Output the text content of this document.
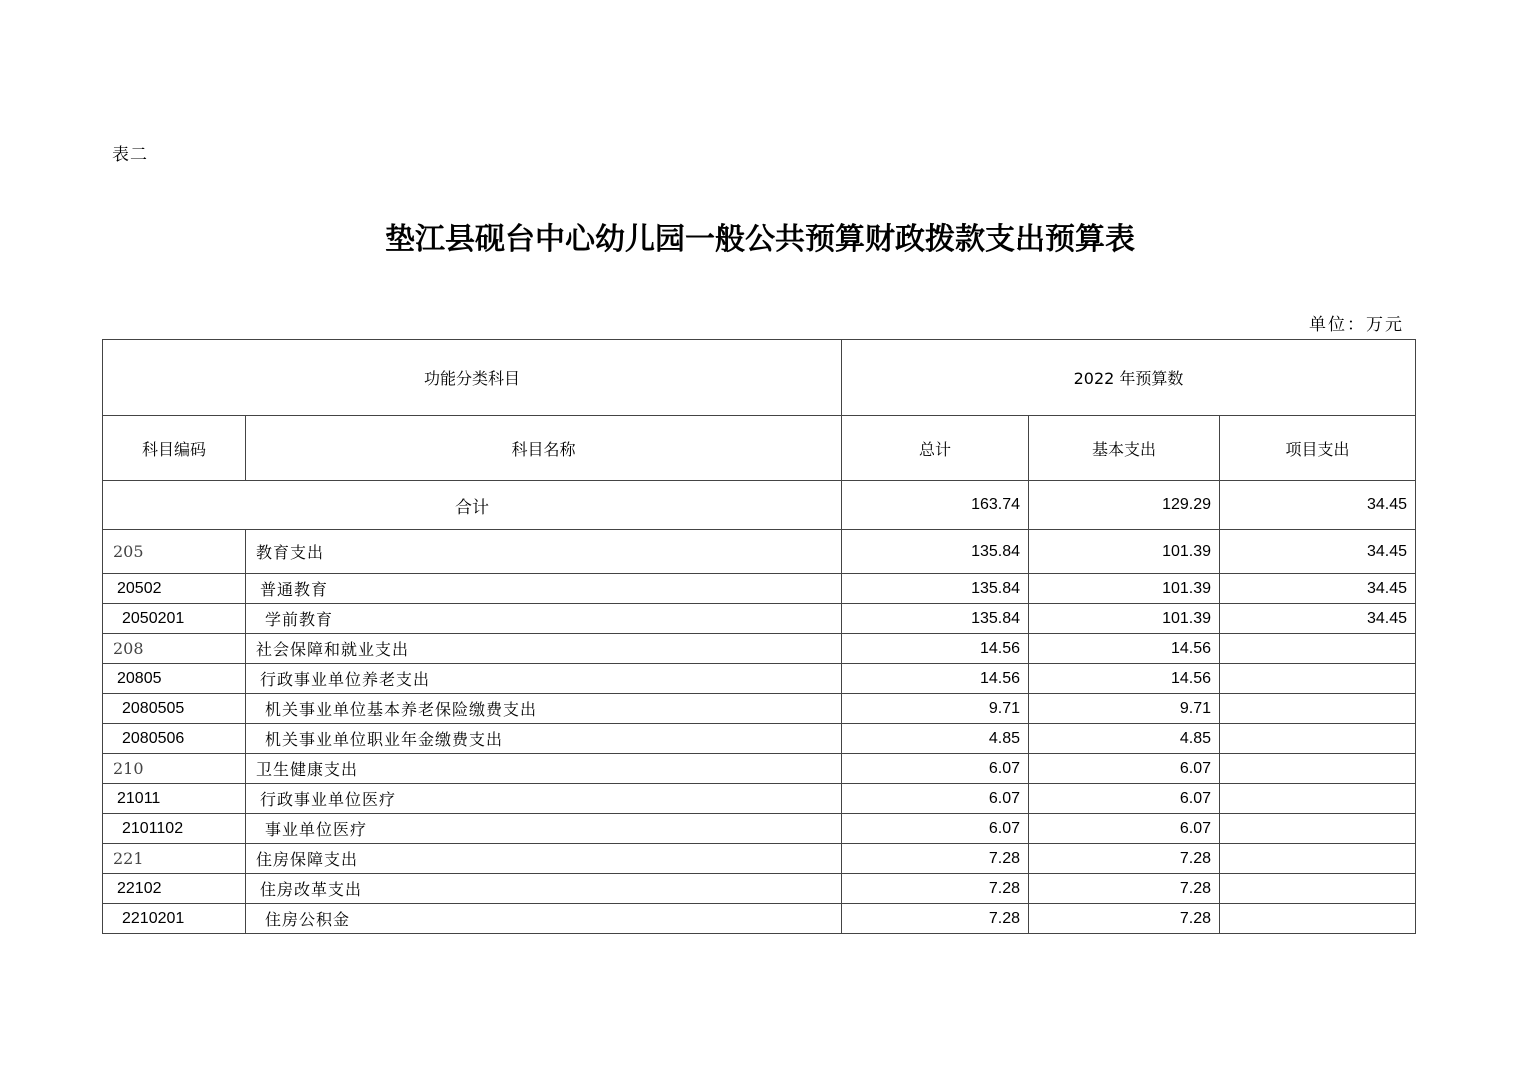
表二
垫江县砚台中心幼儿园一般公共预算财政拨款支出预算表
单位：万元
功能分类科目		2022 年预算数		
科目编码	科目名称	总计	基本支出	项目支出
合计		163.74	129.29	34.45
205	教育支出	135.84	101.39	34.45
20502	普通教育	135.84	101.39	34.45
2050201	学前教育	135.84	101.39	34.45
208	社会保障和就业支出	14.56	14.56	
20805	行政事业单位养老支出	14.56	14.56	
2080505	机关事业单位基本养老保险缴费支出	9.71	9.71	
2080506	机关事业单位职业年金缴费支出	4.85	4.85	
210	卫生健康支出	6.07	6.07	
21011	行政事业单位医疗	6.07	6.07	
2101102	事业单位医疗	6.07	6.07	
221	住房保障支出	7.28	7.28	
22102	住房改革支出	7.28	7.28	
2210201	住房公积金	7.28	7.28	
